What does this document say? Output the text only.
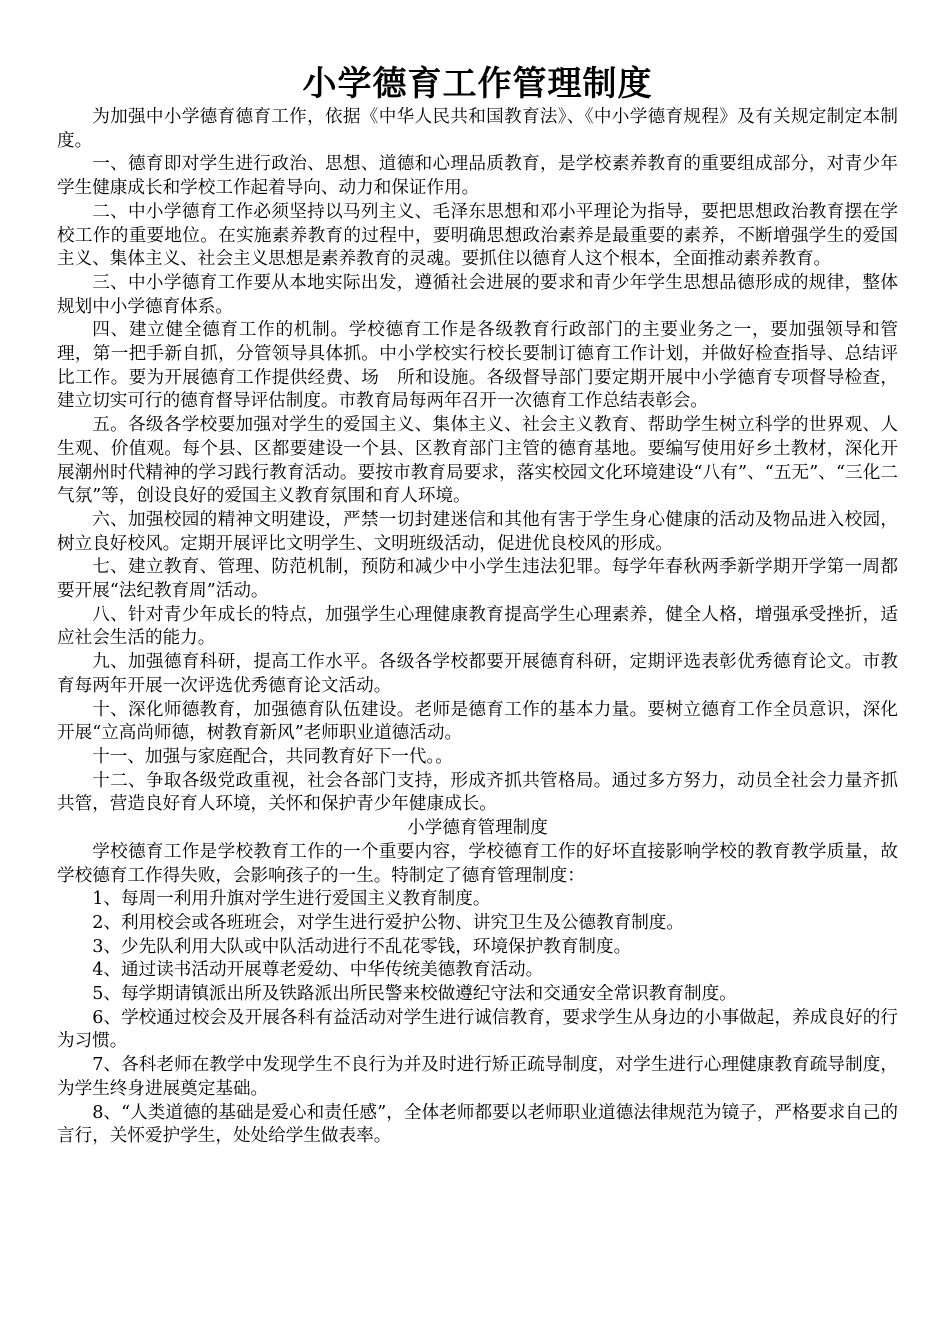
小学德育工作管理制度

为加强中小学德育德育工作，依据《中华人民共和国教育法》、《中小学德育规程》及有关规定制定本制度。

一、德育即对学生进行政治、思想、道德和心理品质教育，是学校素养教育的重要组成部分，对青少年学生健康成长和学校工作起着导向、动力和保证作用。

二、中小学德育工作必须坚持以马列主义、毛泽东思想和邓小平理论为指导，要把思想政治教育摆在学校工作的重要地位。在实施素养教育的过程中，要明确思想政治素养是最重要的素养，不断增强学生的爱国主义、集体主义、社会主义思想是素养教育的灵魂。要抓住以德育人这个根本，全面推动素养教育。

三、中小学德育工作要从本地实际出发，遵循社会进展的要求和青少年学生思想品德形成的规律，整体规划中小学德育体系。

四、建立健全德育工作的机制。学校德育工作是各级教育行政部门的主要业务之一，要加强领导和管理，第一把手新自抓，分管领导具体抓。中小学校实行校长要制订德育工作计划，并做好检查指导、总结评比工作。要为开展德育工作提供经费、场　所和设施。各级督导部门要定期开展中小学德育专项督导检查，建立切实可行的德育督导评估制度。市教育局每两年召开一次德育工作总结表彰会。

五。各级各学校要加强对学生的爱国主义、集体主义、社会主义教育、帮助学生树立科学的世界观、人生观、价值观。每个县、区都要建设一个县、区教育部门主管的德育基地。要编写使用好乡土教材，深化开展潮州时代精神的学习践行教育活动。要按市教育局要求，落实校园文化环境建设“八有”、“五无”、“三化二气氛”等，创设良好的爱国主义教育氛围和育人环境。

六、加强校园的精神文明建设，严禁一切封建迷信和其他有害于学生身心健康的活动及物品进入校园，树立良好校风。定期开展评比文明学生、文明班级活动，促进优良校风的形成。

七、建立教育、管理、防范机制，预防和减少中小学生违法犯罪。每学年春秋两季新学期开学第一周都要开展“法纪教育周”活动。

八、针对青少年成长的特点，加强学生心理健康教育提高学生心理素养，健全人格，增强承受挫折，适应社会生活的能力。

九、加强德育科研，提高工作水平。各级各学校都要开展德育科研，定期评选表彰优秀德育论文。市教育每两年开展一次评选优秀德育论文活动。

十、深化师德教育，加强德育队伍建设。老师是德育工作的基本力量。要树立德育工作全员意识，深化开展“立高尚师德，树教育新风”老师职业道德活动。

十一、加强与家庭配合，共同教育好下一代。。

十二、争取各级党政重视，社会各部门支持，形成齐抓共管格局。通过多方努力，动员全社会力量齐抓共管，营造良好育人环境，关怀和保护青少年健康成长。

小学德育管理制度

学校德育工作是学校教育工作的一个重要内容，学校德育工作的好坏直接影响学校的教育教学质量，故学校德育工作得失败，会影响孩子的一生。特制定了德育管理制度：

1、每周一利用升旗对学生进行爱国主义教育制度。

2、利用校会或各班班会，对学生进行爱护公物、讲究卫生及公德教育制度。

3、少先队利用大队或中队活动进行不乱花零钱，环境保护教育制度。

4、通过读书活动开展尊老爱幼、中华传统美德教育活动。

5、每学期请镇派出所及铁路派出所民警来校做遵纪守法和交通安全常识教育制度。

6、学校通过校会及开展各科有益活动对学生进行诚信教育，要求学生从身边的小事做起，养成良好的行为习惯。

7、各科老师在教学中发现学生不良行为并及时进行矫正疏导制度，对学生进行心理健康教育疏导制度，为学生终身进展奠定基础。

8、“人类道德的基础是爱心和责任感”，全体老师都要以老师职业道德法律规范为镜子，严格要求自己的言行，关怀爱护学生，处处给学生做表率。
